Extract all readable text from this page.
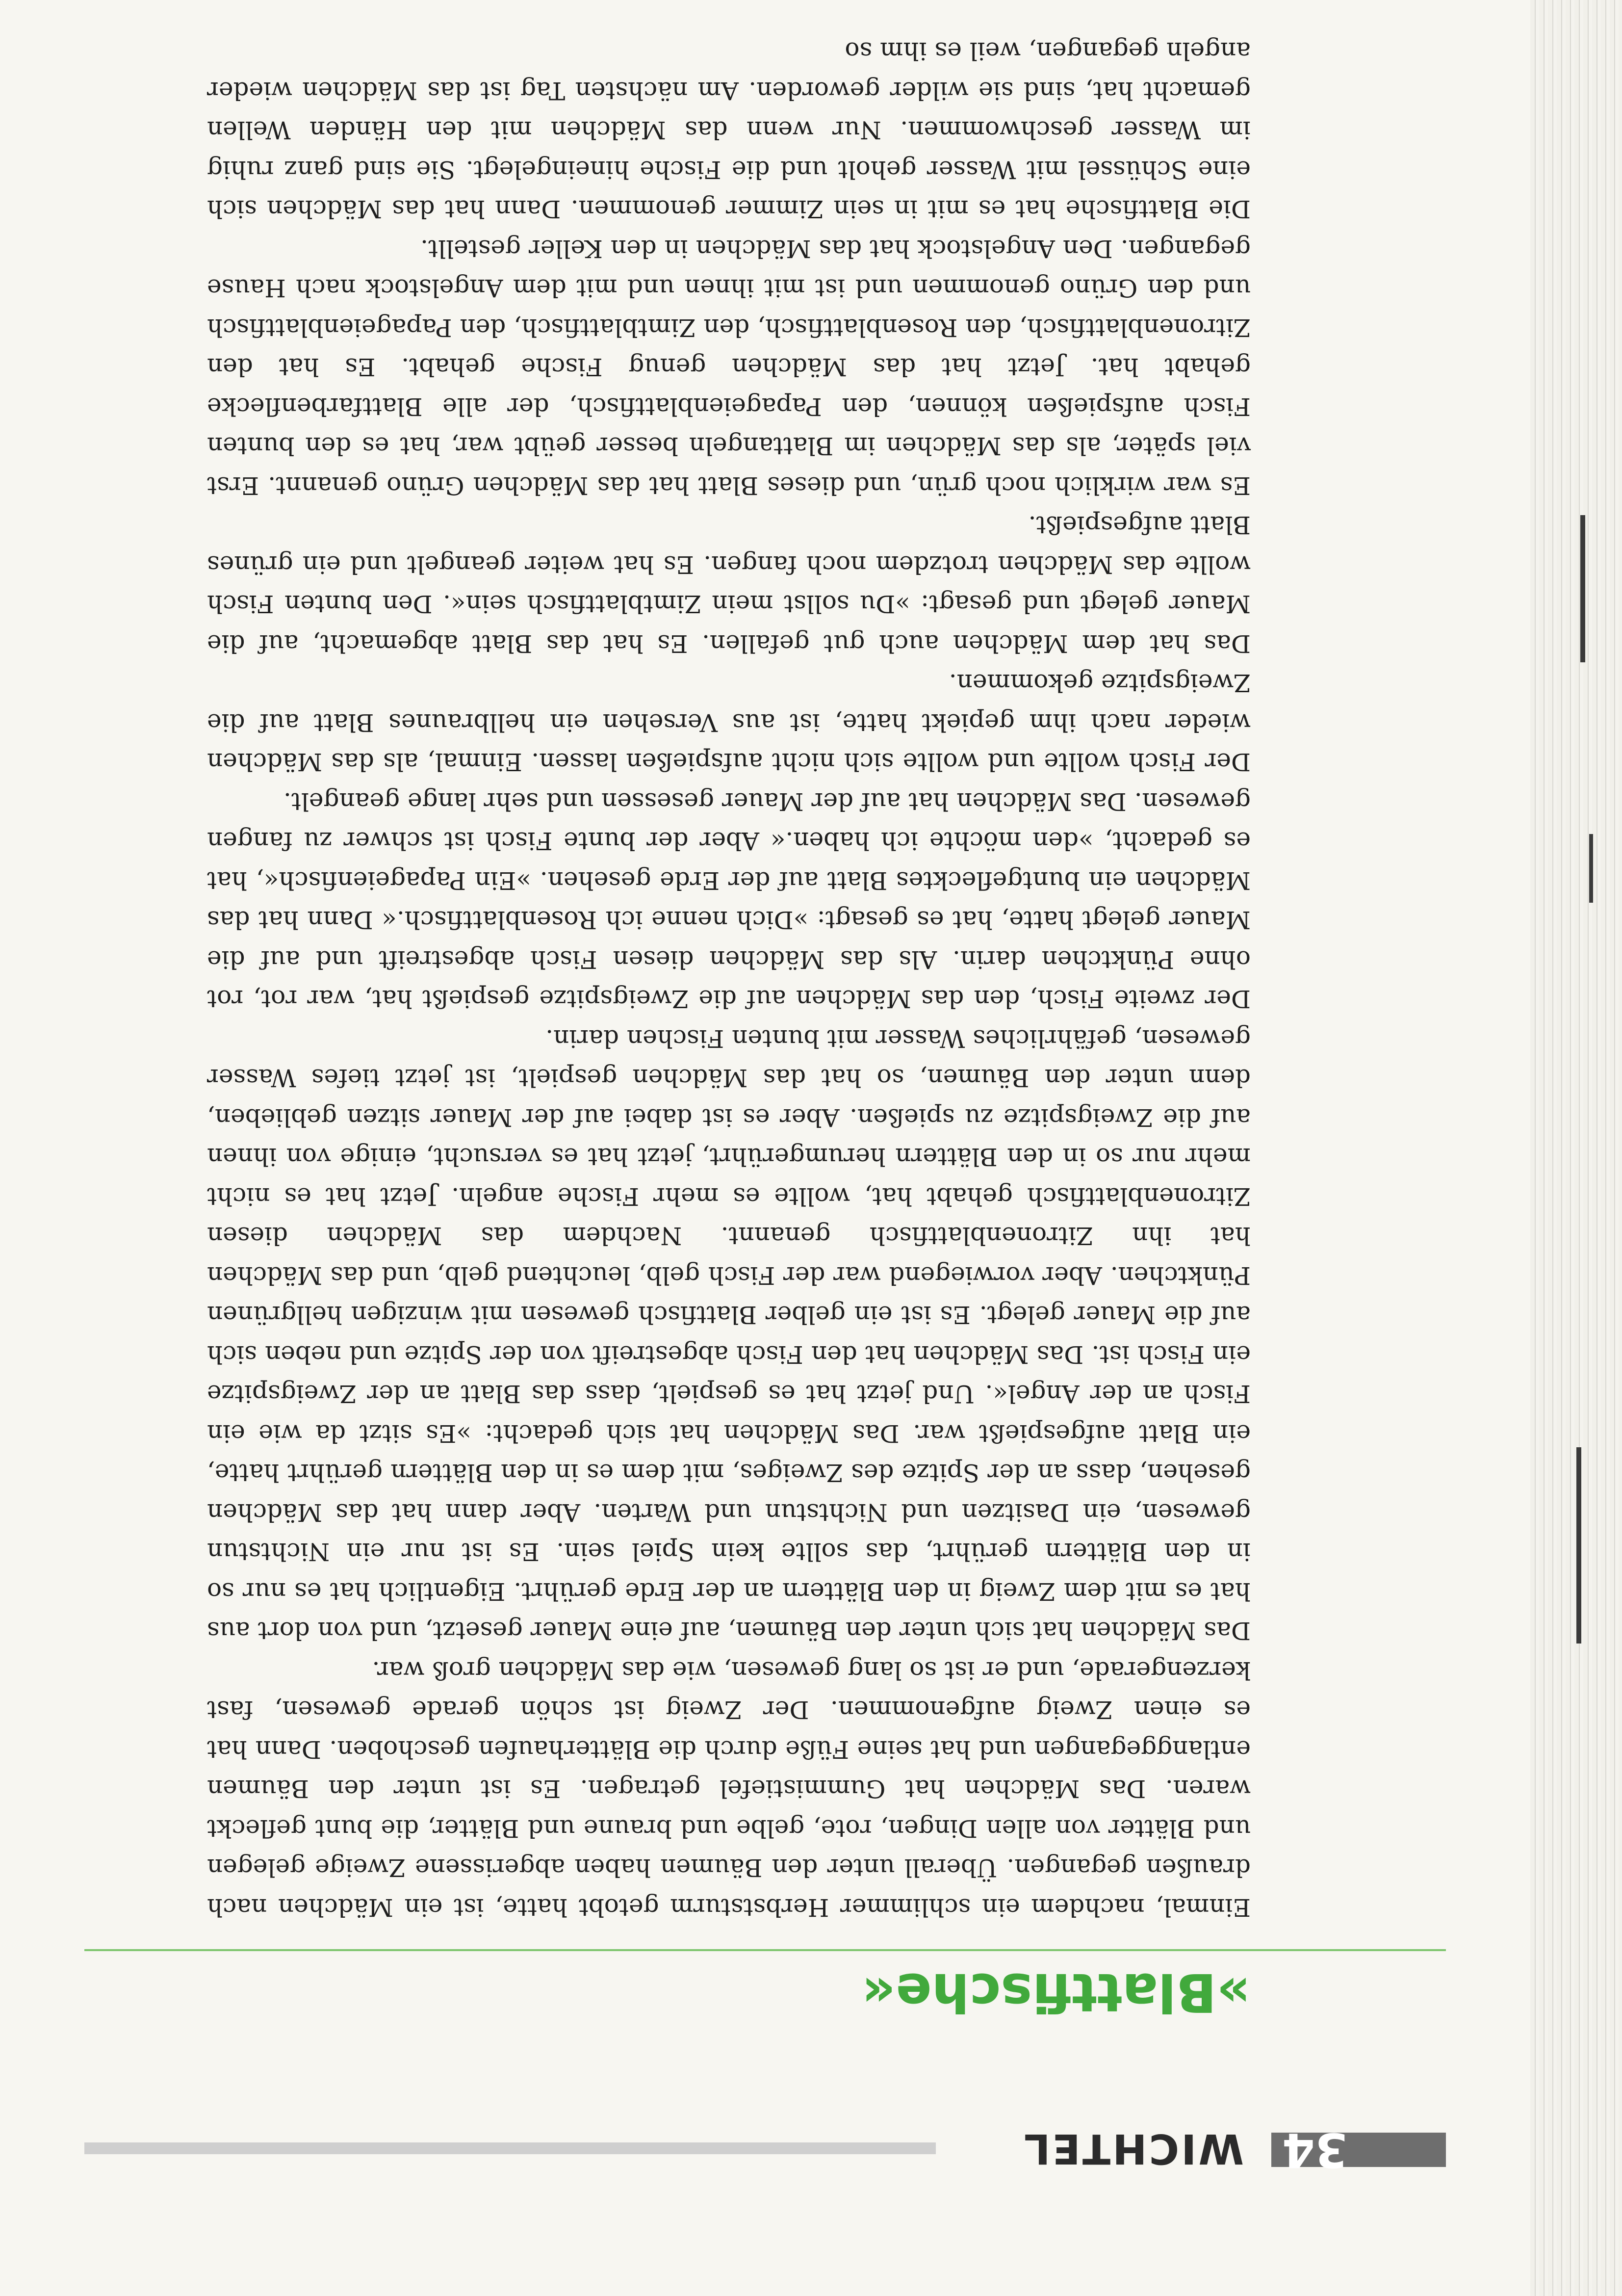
34
WICHTEL
»Blattfische«

Einmal, nachdem ein schlimmer Herbststurm getobt hatte, ist ein Mädchen nach draußen gegangen. Überall unter den Bäumen haben abgerissene Zweige gelegen und Blätter von allen Dingen, rote, gelbe und braune und Blätter, die bunt gefleckt waren. Das Mädchen hat Gummistiefel getragen. Es ist unter den Bäumen entlanggegangen und hat seine Füße durch die Blätterhaufen geschoben. Dann hat es einen Zweig aufgenommen. Der Zweig ist schön gerade gewesen, fast kerzengerade, und er ist so lang gewesen, wie das Mädchen groß war.

Das Mädchen hat sich unter den Bäumen, auf eine Mauer gesetzt, und von dort aus hat es mit dem Zweig in den Blättern an der Erde gerührt. Eigentlich hat es nur so in den Blättern gerührt, das sollte kein Spiel sein. Es ist nur ein Nichtstun gewesen, ein Dasitzen und Nichtstun und Warten. Aber dann hat das Mädchen gesehen, dass an der Spitze des Zweiges, mit dem es in den Blättern gerührt hatte, ein Blatt aufgespießt war. Das Mädchen hat sich gedacht: »Es sitzt da wie ein Fisch an der Angel«. Und jetzt hat es gespielt, dass das Blatt an der Zweigspitze ein Fisch ist. Das Mädchen hat den Fisch abgestreift von der Spitze und neben sich auf die Mauer gelegt. Es ist ein gelber Blattfisch gewesen mit winzigen hellgrünen Pünktchen. Aber vorwiegend war der Fisch gelb, leuchtend gelb, und das Mädchen hat ihn Zitronenblattfisch genannt. Nachdem das Mädchen diesen Zitronenblattfisch gehabt hat, wollte es mehr Fische angeln. Jetzt hat es nicht mehr nur so in den Blättern herumgerührt, jetzt hat es versucht, einige von ihnen auf die Zweigspitze zu spießen. Aber es ist dabei auf der Mauer sitzen geblieben, denn unter den Bäumen, so hat das Mädchen gespielt, ist jetzt tiefes Wasser gewesen, gefährliches Wasser mit bunten Fischen darin.

Der zweite Fisch, den das Mädchen auf die Zweigspitze gespießt hat, war rot, rot ohne Pünktchen darin. Als das Mädchen diesen Fisch abgestreift und auf die Mauer gelegt hatte, hat es gesagt: »Dich nenne ich Rosenblattfisch.« Dann hat das Mädchen ein buntgeflecktes Blatt auf der Erde gesehen. »Ein Papageienfisch«, hat es gedacht, »den möchte ich haben.« Aber der bunte Fisch ist schwer zu fangen gewesen. Das Mädchen hat auf der Mauer gesessen und sehr lange geangelt.

Der Fisch wollte und wollte sich nicht aufspießen lassen. Einmal, als das Mädchen wieder nach ihm gepiekt hatte, ist aus Versehen ein hellbraunes Blatt auf die Zweigspitze gekommen.

Das hat dem Mädchen auch gut gefallen. Es hat das Blatt abgemacht, auf die Mauer gelegt und gesagt: »Du sollst mein Zimtblattfisch sein«. Den bunten Fisch wollte das Mädchen trotzdem noch fangen. Es hat weiter geangelt und ein grünes Blatt aufgespießt.

Es war wirklich noch grün, und dieses Blatt hat das Mädchen Grüno genannt. Erst viel später, als das Mädchen im Blattangeln besser geübt war, hat es den bunten Fisch aufspießen können, den Papageienblattfisch, der alle Blattfarbenflecke gehabt hat. Jetzt hat das Mädchen genug Fische gehabt. Es hat den Zitronenblattfisch, den Rosenblattfisch, den Zimtblattfisch, den Papageienblattfisch und den Grüno genommen und ist mit ihnen und mit dem Angelstock nach Hause gegangen. Den Angelstock hat das Mädchen in den Keller gestellt.

Die Blattfische hat es mit in sein Zimmer genommen. Dann hat das Mädchen sich eine Schüssel mit Wasser geholt und die Fische hineingelegt. Sie sind ganz ruhig im Wasser geschwommen. Nur wenn das Mädchen mit den Händen Wellen gemacht hat, sind sie wilder geworden. Am nächsten Tag ist das Mädchen wieder angeln gegangen, weil es ihm so
